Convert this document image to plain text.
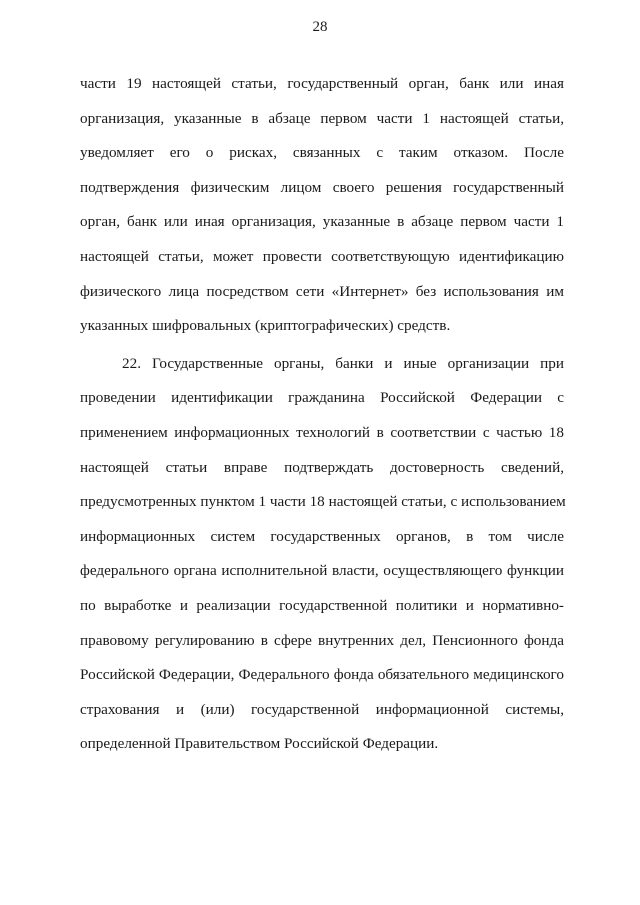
28
части 19 настоящей статьи, государственный орган, банк или иная
организация, указанные в абзаце первом части 1 настоящей статьи,
уведомляет его о рисках, связанных с таким отказом. После
подтверждения физическим лицом своего решения государственный
орган, банк или иная организация, указанные в абзаце первом части 1
настоящей статьи, может провести соответствующую идентификацию
физического лица посредством сети «Интернет» без использования им
указанных шифровальных (криптографических) средств.
22. Государственные органы, банки и иные организации при
проведении идентификации гражданина Российской Федерации с
применением информационных технологий в соответствии с частью 18
настоящей статьи вправе подтверждать достоверность сведений,
предусмотренных пунктом 1 части 18 настоящей статьи, с использованием
информационных систем государственных органов, в том числе
федерального органа исполнительной власти, осуществляющего функции
по выработке и реализации государственной политики и нормативно-
правовому регулированию в сфере внутренних дел, Пенсионного фонда
Российской Федерации, Федерального фонда обязательного медицинского
страхования и (или) государственной информационной системы,
определенной Правительством Российской Федерации.
